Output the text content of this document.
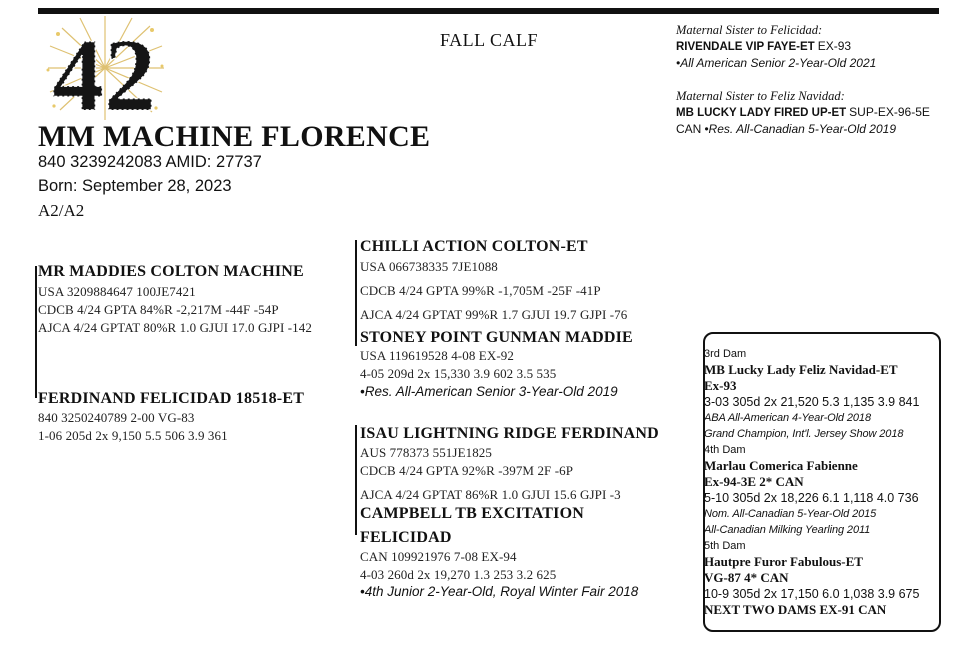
42	FALL CALF	Maternal Sister to Felicidad:
RIVENDALE VIP FAYE-ET EX-93
•All American Senior 2-Year-Old 2021
Maternal Sister to Feliz Navidad:
MB LUCKY LADY FIRED UP-ET SUP-EX-96-5E
CAN •Res. All-Canadian 5-Year-Old 2019
MM MACHINE FLORENCE
840 3239242083 AMID: 27737
Born: September 28, 2023
A2/A2
MR MADDIES COLTON MACHINE
USA 3209884647 100JE7421
CDCB 4/24 GPTA 84%R -2,217M -44F -54P
AJCA 4/24 GPTAT 80%R 1.0 GJUI 17.0 GJPI -142
CHILLI ACTION COLTON-ET
USA 066738335 7JE1088
CDCB 4/24 GPTA 99%R -1,705M -25F -41P
AJCA 4/24 GPTAT 99%R 1.7 GJUI 19.7 GJPI -76
STONEY POINT GUNMAN MADDIE
USA 119619528 4-08 EX-92
4-05 209d 2x 15,330 3.9 602 3.5 535
•Res. All-American Senior 3-Year-Old 2019
FERDINAND FELICIDAD 18518-ET
840 3250240789 2-00 VG-83
1-06 205d 2x 9,150 5.5 506 3.9 361	ISAU LIGHTNING RIDGE FERDINAND
AUS 778373 551JE1825
CDCB 4/24 GPTA 92%R -397M 2F -6P
AJCA 4/24 GPTAT 86%R 1.0 GJUI 15.6 GJPI -3
CAMPBELL TB EXCITATION
FELICIDAD
CAN 109921976 7-08 EX-94
4-03 260d 2x 19,270 1.3 253 3.2 625
•4th Junior 2-Year-Old, Royal Winter Fair 2018
3rd Dam
MB Lucky Lady Feliz Navidad-ET
Ex-93
3-03 305d 2x 21,520 5.3 1,135 3.9 841
ABA All-American 4-Year-Old 2018
Grand Champion, Int'l. Jersey Show 2018
4th Dam
Marlau Comerica Fabienne
Ex-94-3E 2* CAN
5-10 305d 2x 18,226 6.1 1,118 4.0 736
Nom. All-Canadian 5-Year-Old 2015
All-Canadian Milking Yearling 2011
5th Dam
Hautpre Furor Fabulous-ET
VG-87 4* CAN
10-9 305d 2x 17,150 6.0 1,038 3.9 675
NEXT TWO DAMS EX-91 CAN
